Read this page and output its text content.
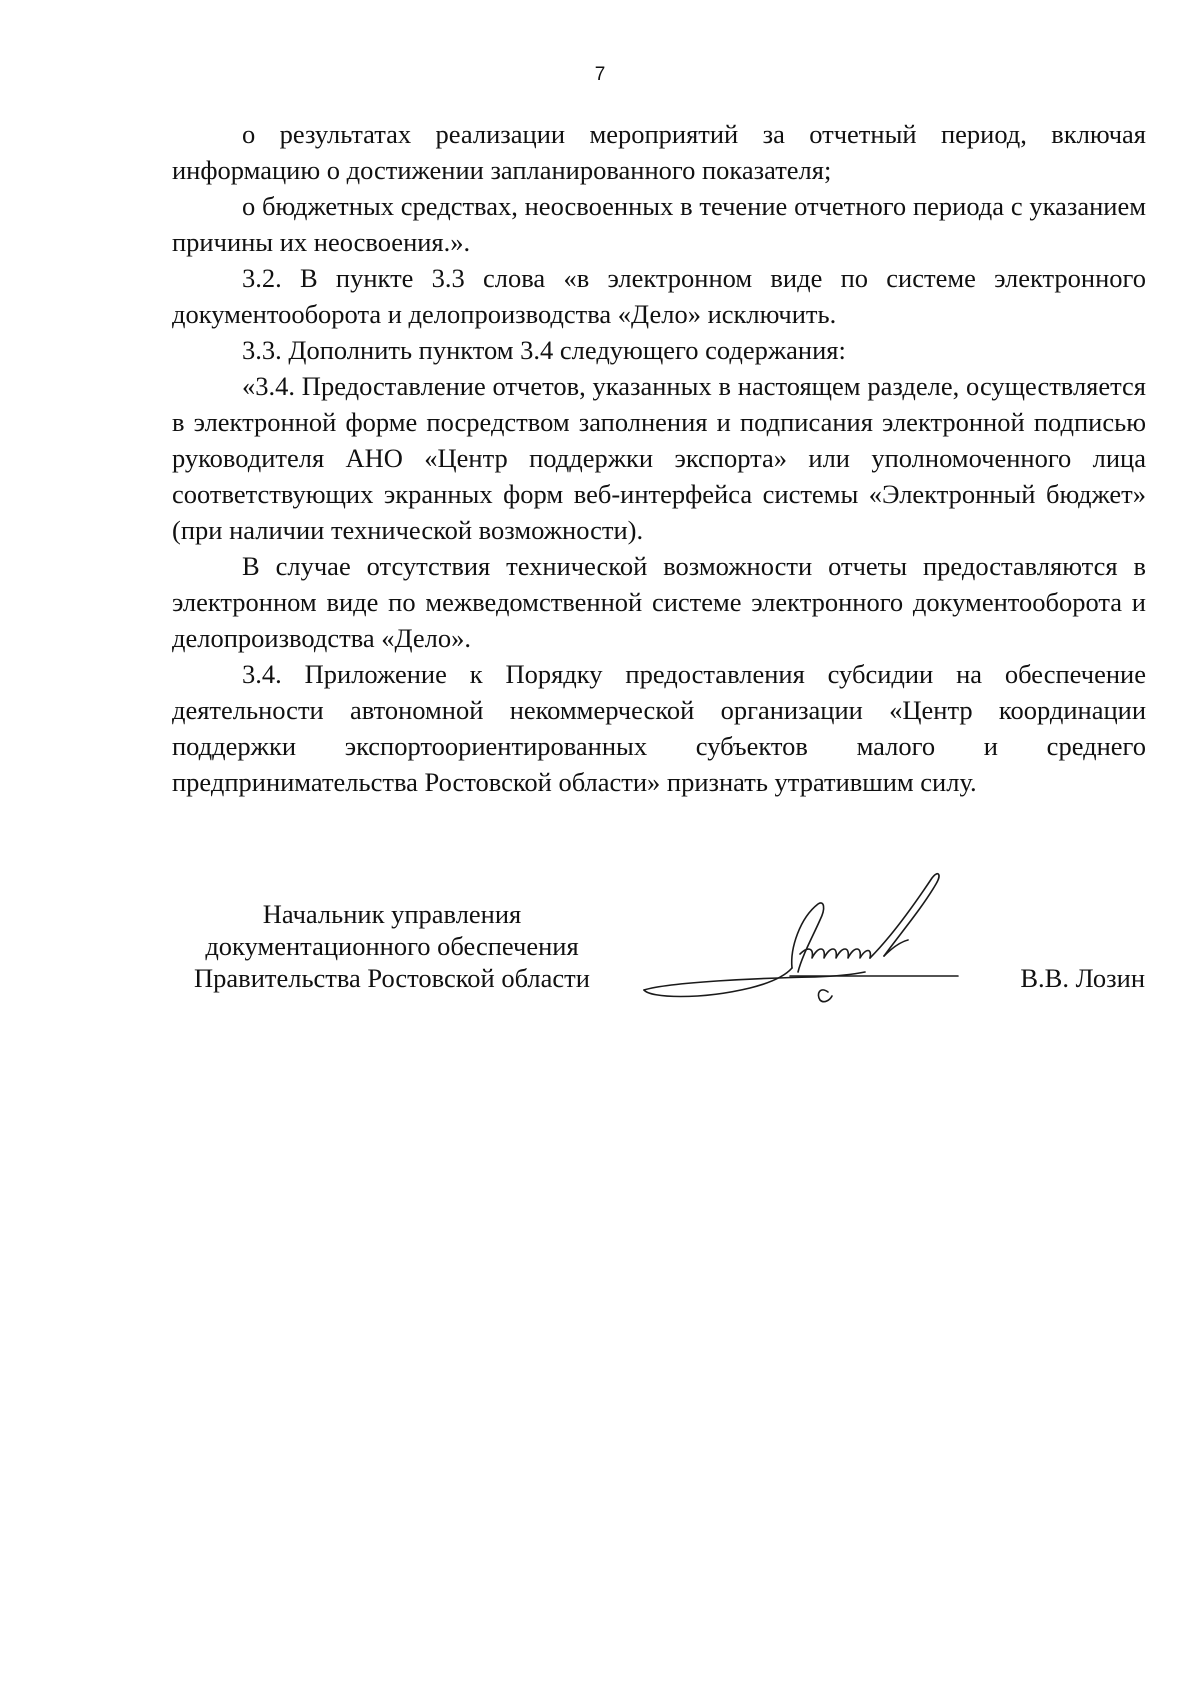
7

о результатах реализации мероприятий за отчетный период, включая информацию о достижении запланированного показателя;

о бюджетных средствах, неосвоенных в течение отчетного периода с указанием причины их неосвоения.».

3.2. В пункте 3.3 слова «в электронном виде по системе электронного документооборота и делопроизводства «Дело» исключить.

3.3. Дополнить пунктом 3.4 следующего содержания:

«3.4. Предоставление отчетов, указанных в настоящем разделе, осуществляется в электронной форме посредством заполнения и подписания электронной подписью руководителя АНО «Центр поддержки экспорта» или уполномоченного лица соответствующих экранных форм веб-интерфейса системы «Электронный бюджет» (при наличии технической возможности).

В случае отсутствия технической возможности отчеты предоставляются в электронном виде по межведомственной системе электронного документооборота и делопроизводства «Дело».

3.4. Приложение к Порядку предоставления субсидии на обеспечение деятельности автономной некоммерческой организации «Центр координации поддержки экспортоориентированных субъектов малого и среднего предпринимательства Ростовской области» признать утратившим силу.

Начальник управления
документационного обеспечения
Правительства Ростовской области	В.В. Лозин
